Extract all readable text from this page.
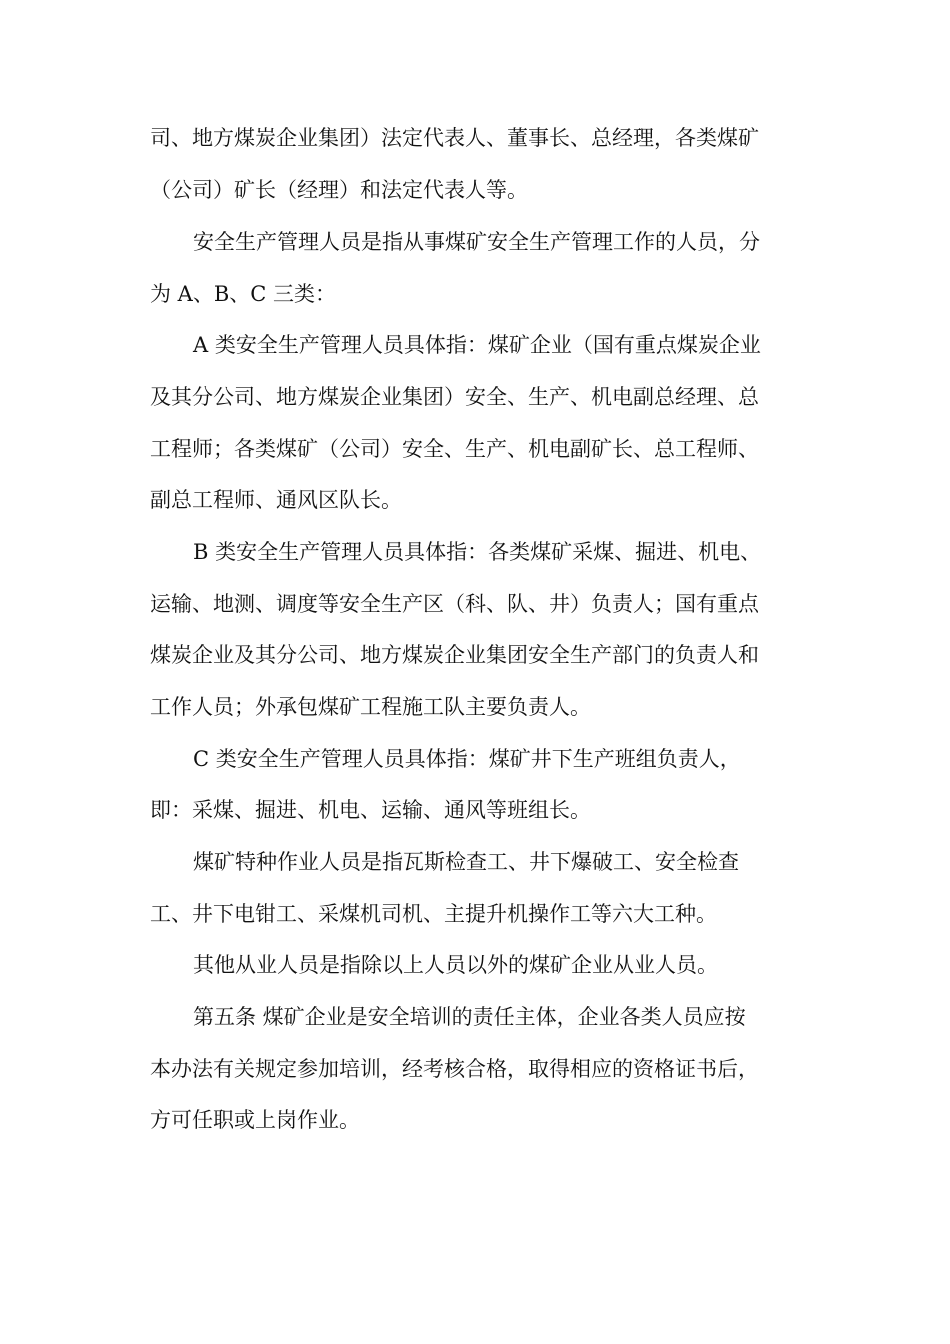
司、地方煤炭企业集团）法定代表人、董事长、总经理，各类煤矿
（公司）矿长（经理）和法定代表人等。
安全生产管理人员是指从事煤矿安全生产管理工作的人员，分
为 A、B、C 三类：
A 类安全生产管理人员具体指：煤矿企业（国有重点煤炭企业
及其分公司、地方煤炭企业集团）安全、生产、机电副总经理、总
工程师；各类煤矿（公司）安全、生产、机电副矿长、总工程师、
副总工程师、通风区队长。
B 类安全生产管理人员具体指：各类煤矿采煤、掘进、机电、
运输、地测、调度等安全生产区（科、队、井）负责人；国有重点
煤炭企业及其分公司、地方煤炭企业集团安全生产部门的负责人和
工作人员；外承包煤矿工程施工队主要负责人。
C 类安全生产管理人员具体指：煤矿井下生产班组负责人，
即：采煤、掘进、机电、运输、通风等班组长。
煤矿特种作业人员是指瓦斯检查工、井下爆破工、安全检查
工、井下电钳工、采煤机司机、主提升机操作工等六大工种。
其他从业人员是指除以上人员以外的煤矿企业从业人员。
第五条 煤矿企业是安全培训的责任主体，企业各类人员应按
本办法有关规定参加培训，经考核合格，取得相应的资格证书后，
方可任职或上岗作业。
